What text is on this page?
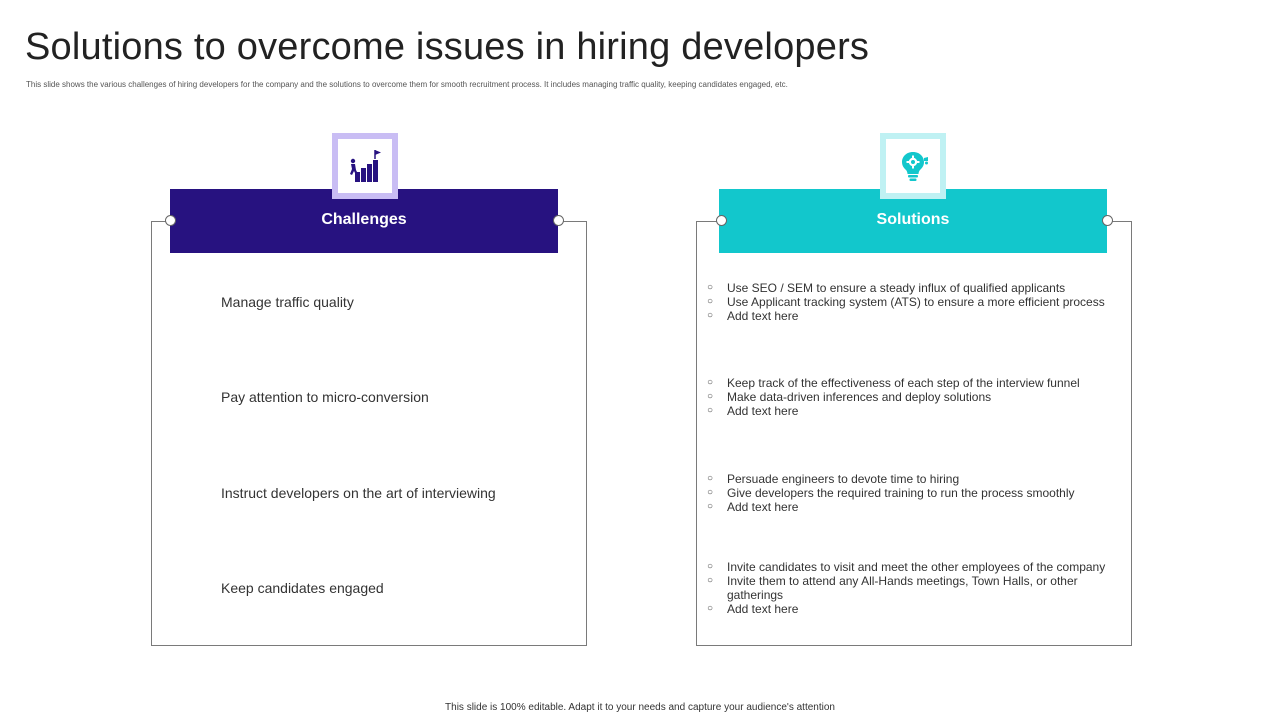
Solutions to overcome issues in hiring developers
This slide shows the various challenges of hiring developers for the company and the solutions to overcome them for smooth recruitment process. It includes managing traffic quality, keeping candidates engaged, etc.
Challenges
Manage traffic quality
Pay attention to micro-conversion
Instruct developers on the art of interviewing
Keep candidates engaged
Solutions
○	Use SEO / SEM to ensure a steady influx of qualified applicants
○	Use Applicant tracking system (ATS) to ensure a more efficient process
○	Add text here
○	Keep track of the effectiveness of each step of the interview funnel
○	Make data-driven inferences and deploy solutions
○	Add text here
○	Persuade engineers to devote time to hiring
○	Give developers the required training to run the process smoothly
○	Add text here
○	Invite candidates to visit and meet the other employees of the company
○	Invite them to attend any All-Hands meetings, Town Halls, or other gatherings
○	Add text here
This slide is 100% editable. Adapt it to your needs and capture your audience's attention
